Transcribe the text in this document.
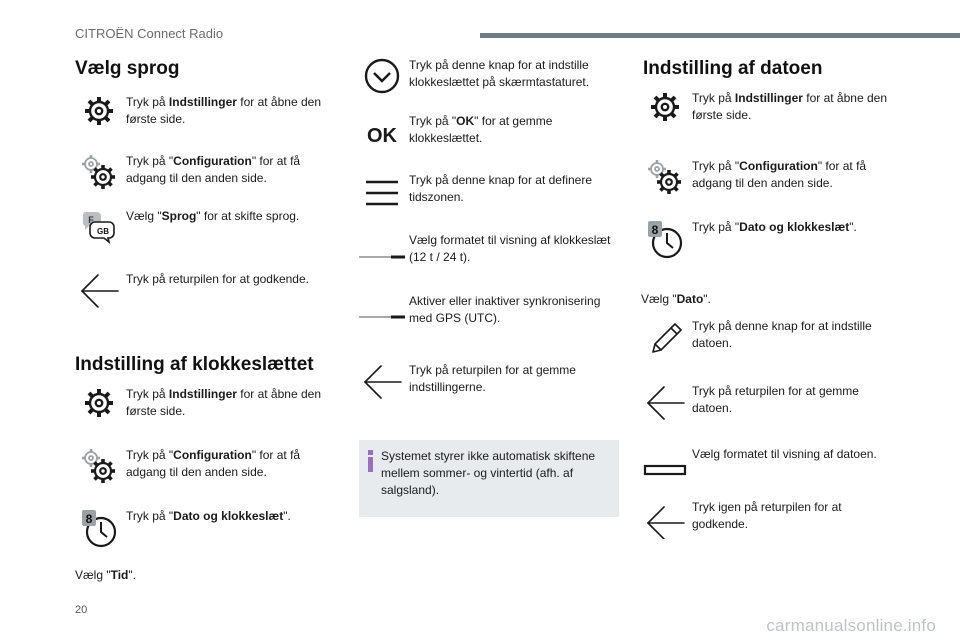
CITROËN Connect Radio
Vælg sprog
Tryk på Indstillinger for at åbne den første side.
Tryk på "Configuration" for at få adgang til den anden side.
F
GB
Vælg "Sprog" for at skifte sprog.
Tryk på returpilen for at godkende.
Indstilling af klokkeslættet
Tryk på Indstillinger for at åbne den første side.
Tryk på "Configuration" for at få adgang til den anden side.
8	Tryk på "Dato og klokkeslæt".
Vælg "Tid".
Tryk på denne knap for at indstille klokkeslættet på skærmtastaturet.
OK
Tryk på "OK" for at gemme klokkeslættet.
Tryk på denne knap for at definere tidszonen.
Vælg formatet til visning af klokkeslæt (12 t / 24 t).
Aktiver eller inaktiver synkronisering med GPS (UTC).
Tryk på returpilen for at gemme indstillingerne.
Systemet styrer ikke automatisk skiftene mellem sommer- og vintertid (afh. af salgsland).
Indstilling af datoen
Tryk på Indstillinger for at åbne den første side.
Tryk på "Configuration" for at få adgang til den anden side.
8	Tryk på "Dato og klokkeslæt".
Vælg "Dato".
Tryk på denne knap for at indstille datoen.
Tryk på returpilen for at gemme datoen.
Vælg formatet til visning af datoen.
Tryk igen på returpilen for at godkende.
20
carmanualsonline.info
